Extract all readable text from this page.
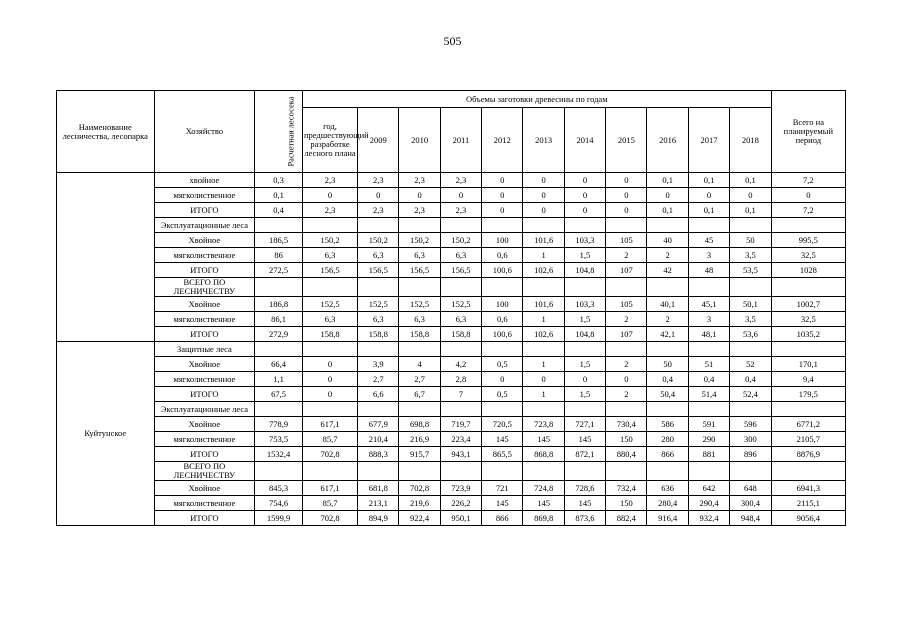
505
Наименование лесничества, лесопарка	Хозяйство	Расчетная лесосека	Объемы заготовки древесины по годам											Всего на планируемый период
			год, предшествующий разработке лесного плана	2009	2010	2011	2012	2013	2014	2015	2016	2017	2018	
	хвойное	0,3	2,3	2,3	2,3	2,3	0	0	0	0	0,1	0,1	0,1	7,2
	мягколиственное	0,1	0	0	0	0	0	0	0	0	0	0	0	0
	ИТОГО	0,4	2,3	2,3	2,3	2,3	0	0	0	0	0,1	0,1	0,1	7,2
	Эксплуатационные леса													
	Хвойное	186,5	150,2	150,2	150,2	150,2	100	101,6	103,3	105	40	45	50	995,5
	мягколиственное	86	6,3	6,3	6,3	6,3	0,6	1	1,5	2	2	3	3,5	32,5
	ИТОГО	272,5	156,5	156,5	156,5	156,5	100,6	102,6	104,8	107	42	48	53,5	1028
	ВСЕГО ПО ЛЕСНИЧЕСТВУ													
	Хвойное	186,8	152,5	152,5	152,5	152,5	100	101,6	103,3	105	40,1	45,1	50,1	1002,7
	мягколиственное	86,1	6,3	6,3	6,3	6,3	0,6	1	1,5	2	2	3	3,5	32,5
	ИТОГО	272,9	158,8	158,8	158,8	158,8	100,6	102,6	104,8	107	42,1	48,1	53,6	1035,2
Куйтунское	Защитные леса													
	Хвойное	66,4	0	3,9	4	4,2	0,5	1	1,5	2	50	51	52	170,1
	мягколиственное	1,1	0	2,7	2,7	2,8	0	0	0	0	0,4	0,4	0,4	9,4
	ИТОГО	67,5	0	6,6	6,7	7	0,5	1	1,5	2	50,4	51,4	52,4	179,5
	Эксплуатационные леса													
	Хвойное	778,9	617,1	677,9	698,8	719,7	720,5	723,8	727,1	730,4	586	591	596	6771,2
	мягколиственное	753,5	85,7	210,4	216,9	223,4	145	145	145	150	280	290	300	2105,7
	ИТОГО	1532,4	702,8	888,3	915,7	943,1	865,5	868,8	872,1	880,4	866	881	896	8876,9
	ВСЕГО ПО ЛЕСНИЧЕСТВУ													
	Хвойное	845,3	617,1	681,8	702,8	723,9	721	724,8	728,6	732,4	636	642	648	6941,3
	мягколиственное	754,6	85,7	213,1	219,6	226,2	145	145	145	150	280,4	290,4	300,4	2115,1
	ИТОГО	1599,9	702,8	894,9	922,4	950,1	866	869,8	873,6	882,4	916,4	932,4	948,4	9056,4
